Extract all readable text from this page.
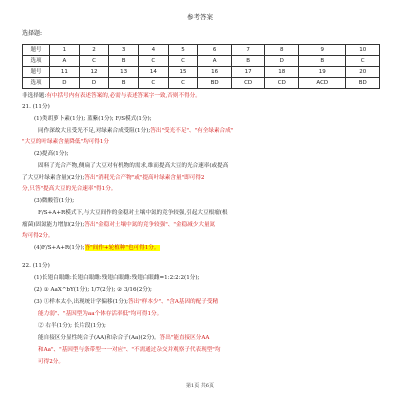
参考答案
选择题:
题号	1	2	3	4	5	6	7	8	9	10
选项	A	C	B	C	C	A	B	D	B	C
题号	11	12	13	14	15	16	17	18	19	20
选项	D	D	B	C	C	BD	CD	CD	ACD	BD
非选择题:有中括号内有表述答案的,必需与表述答案字一致,否则不得分。
21. (11分)
(1)类胡萝卜素(1分); 蓝紫(1分); F/S模式(1分);
同作深故大且受光不足,对绿素合成受阻(1分);答出"受光不足"、"有全绿素合成"
"大豆的叶绿素含量降低"均可得1分
(2)提高(1分);
固料了光合产物,侧扁了大豆对有机物的需求,维而提高大豆的光合速率(或提高
了大豆叶绿素含量)(2分);答出"消耗光合产物"或"提高叶绿素含量"即可得2
分,只答"提高大豆的光合速率"得1分。
(3)微酸管(1分);
F/S+A+R模式下,与大豆间作的金稳对土壤中氮的竞争较强,引起大豆根瘤(根
瘤菌)固氮能力增加(2分);答出"金稳对土壤中氮的竞争较强"、"金稳减少大量氮
均可得2分。
(4)F/S+A+R(1分);答"间作+轮植种"也可得1分。
22. (11分)
(1)长翅白眼雌:长翅白眼雌:残翅白眼雌:残翅白眼雌=1:2:2:2(1分);
(2) ① AaX^bY(1分); 1/7(2分); ② 3/16(2分);
(3) ①样本太小,出现统计学偏移(1分);答出"样本少"、"含A基因的配子受精
能力弱"、"基因型为aa个体存活率低"均可得1分。
② 右半(1分); 长片段(1分);
能自接区分显性纯合子(AA)和杂合子(Aa)(2分)。答出"能直接区分AA
和Aa"、"基因型与条带型一一对应"、"不需通过杂交并观察子代表现型"均
可得2分。
第1页 共6页
